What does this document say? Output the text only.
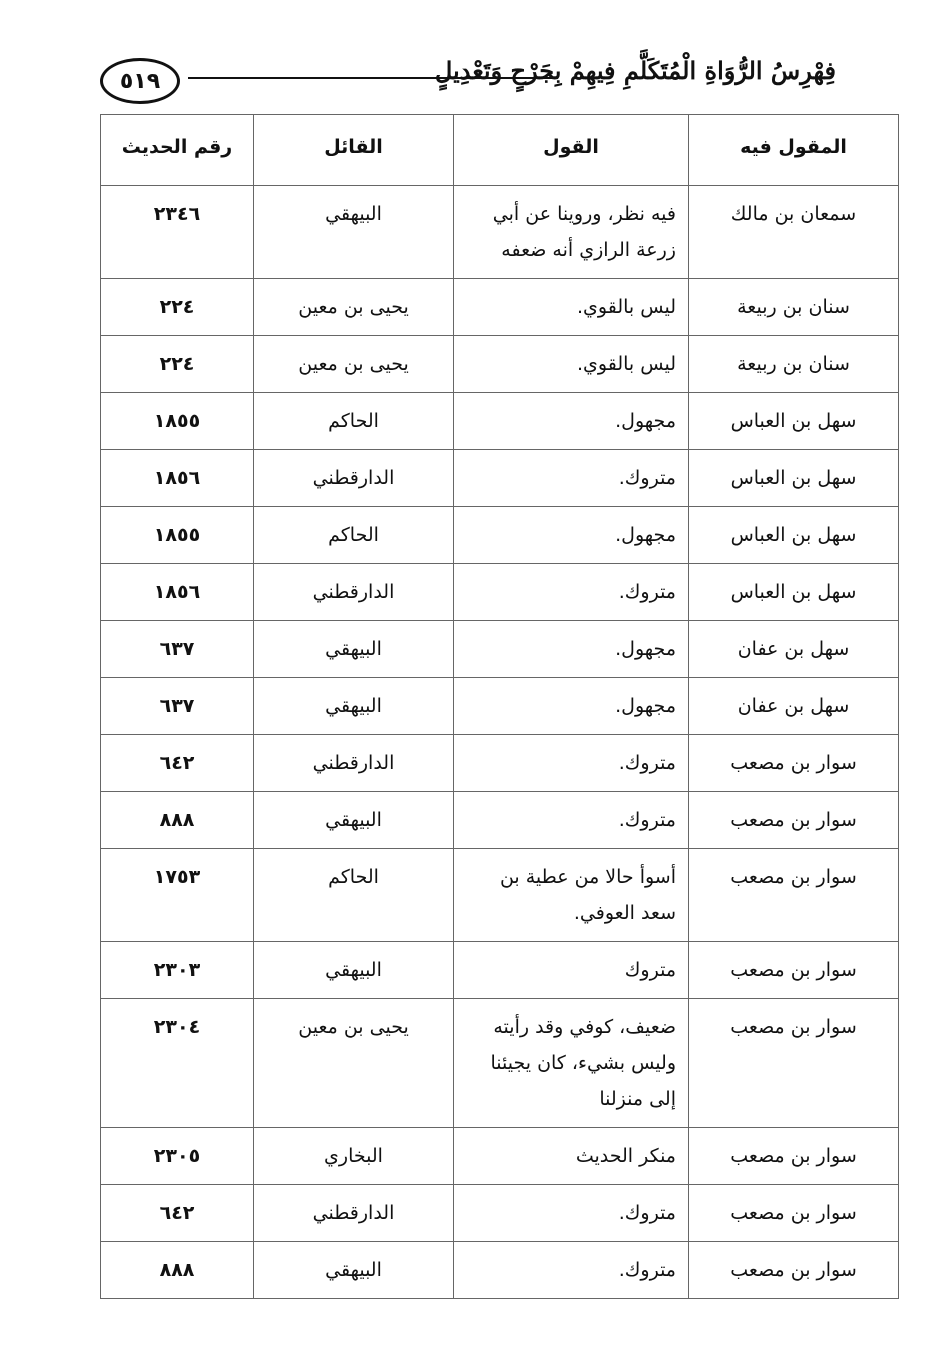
٥١٩	فِهْرِسُ الرُّوَاةِ الْمُتَكَلَّمِ فِيهِمْ بِجَرْحٍ وَتَعْدِيلٍ
المقول فيه	القول	القائل	رقم الحديث
سمعان بن مالك	فيه نظر، وروينا عن أبي زرعة الرازي أنه ضعفه	البيهقي	٢٣٤٦
سنان بن ربيعة	ليس بالقوي.	يحيى بن معين	٢٢٤
سنان بن ربيعة	ليس بالقوي.	يحيى بن معين	٢٢٤
سهل بن العباس	مجهول.	الحاكم	١٨٥٥
سهل بن العباس	متروك.	الدارقطني	١٨٥٦
سهل بن العباس	مجهول.	الحاكم	١٨٥٥
سهل بن العباس	متروك.	الدارقطني	١٨٥٦
سهل بن عفان	مجهول.	البيهقي	٦٣٧
سهل بن عفان	مجهول.	البيهقي	٦٣٧
سوار بن مصعب	متروك.	الدارقطني	٦٤٢
سوار بن مصعب	متروك.	البيهقي	٨٨٨
سوار بن مصعب	أسوأ حالا من عطية بن سعد العوفي.	الحاكم	١٧٥٣
سوار بن مصعب	متروك	البيهقي	٢٣٠٣
سوار بن مصعب	ضعيف، كوفي وقد رأيته وليس بشيء، كان يجيئنا إلى منزلنا	يحيى بن معين	٢٣٠٤
سوار بن مصعب	منكر الحديث	البخاري	٢٣٠٥
سوار بن مصعب	متروك.	الدارقطني	٦٤٢
سوار بن مصعب	متروك.	البيهقي	٨٨٨
